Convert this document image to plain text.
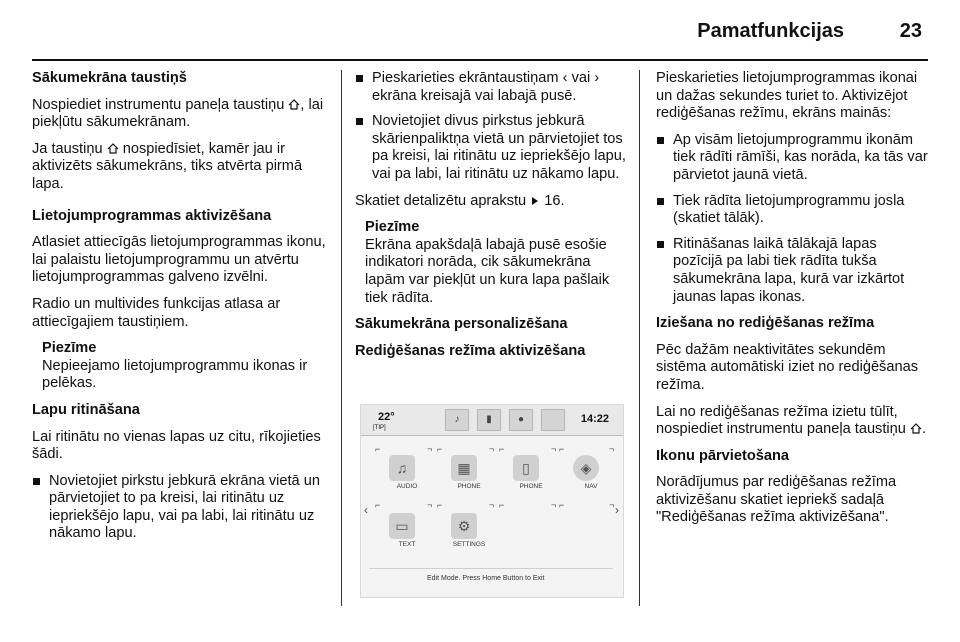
Pamatfunkcijas	23

Sākumekrāna taustiņš

Nospiediet instrumentu paneļa taustiņu , lai piekļūtu sākumekrānam.

Ja taustiņu nospiedīsiet, kamēr jau ir aktivizēts sākumekrāns, tiks atvērta pirmā lapa.

Lietojumprogrammas aktivizēšana

Atlasiet attiecīgās lietojumprogrammas ikonu, lai palaistu lietojumprogrammu un atvērtu lietojumprogrammas galveno izvēlni.

Radio un multivides funkcijas atlasa ar attiecīgajiem taustiņiem.

Piezīme
Nepieejamo lietojumprogrammu ikonas ir pelēkas.

Lapu ritināšana

Lai ritinātu no vienas lapas uz citu, rīkojieties šādi.

Novietojiet pirkstu jebkurā ekrāna vietā un pārvietojiet to pa kreisi, lai ritinātu uz iepriekšējo lapu, vai pa labi, lai ritinātu uz nākamo lapu.
Pieskarieties ekrāntaustiņam ‹ vai › ekrāna kreisajā vai labajā pusē.
Novietojiet divus pirkstus jebkurā skārienpaliktņa vietā un pārvietojiet tos pa kreisi, lai ritinātu uz iepriekšējo lapu, vai pa labi, lai ritinātu uz nākamo lapu.

Skatiet detalizētu aprakstu 16.

Piezīme
Ekrāna apakšdaļā labajā pusē esošie indikatori norāda, cik sākumekrāna lapām var piekļūt un kura lapa pašlaik tiek rādīta.

Sākumekrāna personalizēšana

Rediģēšanas režīma aktivizēšana

22°
[TIP]
♪	▮	●	14:22
‹	›
♫
AUDIO
▦
PHONE
▯
PHONE
◈
NAV
▭
TEXT
⚙
SETTINGS
⌐	¬ ⌐	¬ ⌐	¬ ⌐	¬
⌐	¬ ⌐	¬ ⌐	¬ ⌐	¬
Edit Mode. Press Home Button to Exit

Pieskarieties lietojumprogrammas ikonai un dažas sekundes turiet to. Aktivizējot rediģēšanas režīmu, ekrāns mainās:

Ap visām lietojumprogrammu ikonām tiek rādīti rāmīši, kas norāda, ka tās var pārvietot jaunā vietā.
Tiek rādīta lietojumprogrammu josla (skatiet tālāk).
Ritināšanas laikā tālākajā lapas pozīcijā pa labi tiek rādīta tukša sākumekrāna lapa, kurā var izkārtot jaunas lapas ikonas.

Iziešana no rediģēšanas režīma

Pēc dažām neaktivitātes sekundēm sistēma automātiski iziet no rediģēšanas režīma.

Lai no rediģēšanas režīma izietu tūlīt, nospiediet instrumentu paneļa taustiņu .

Ikonu pārvietošana

Norādījumus par rediģēšanas režīma aktivizēšanu skatiet iepriekš sadaļā "Rediģēšanas režīma aktivizēšana".
